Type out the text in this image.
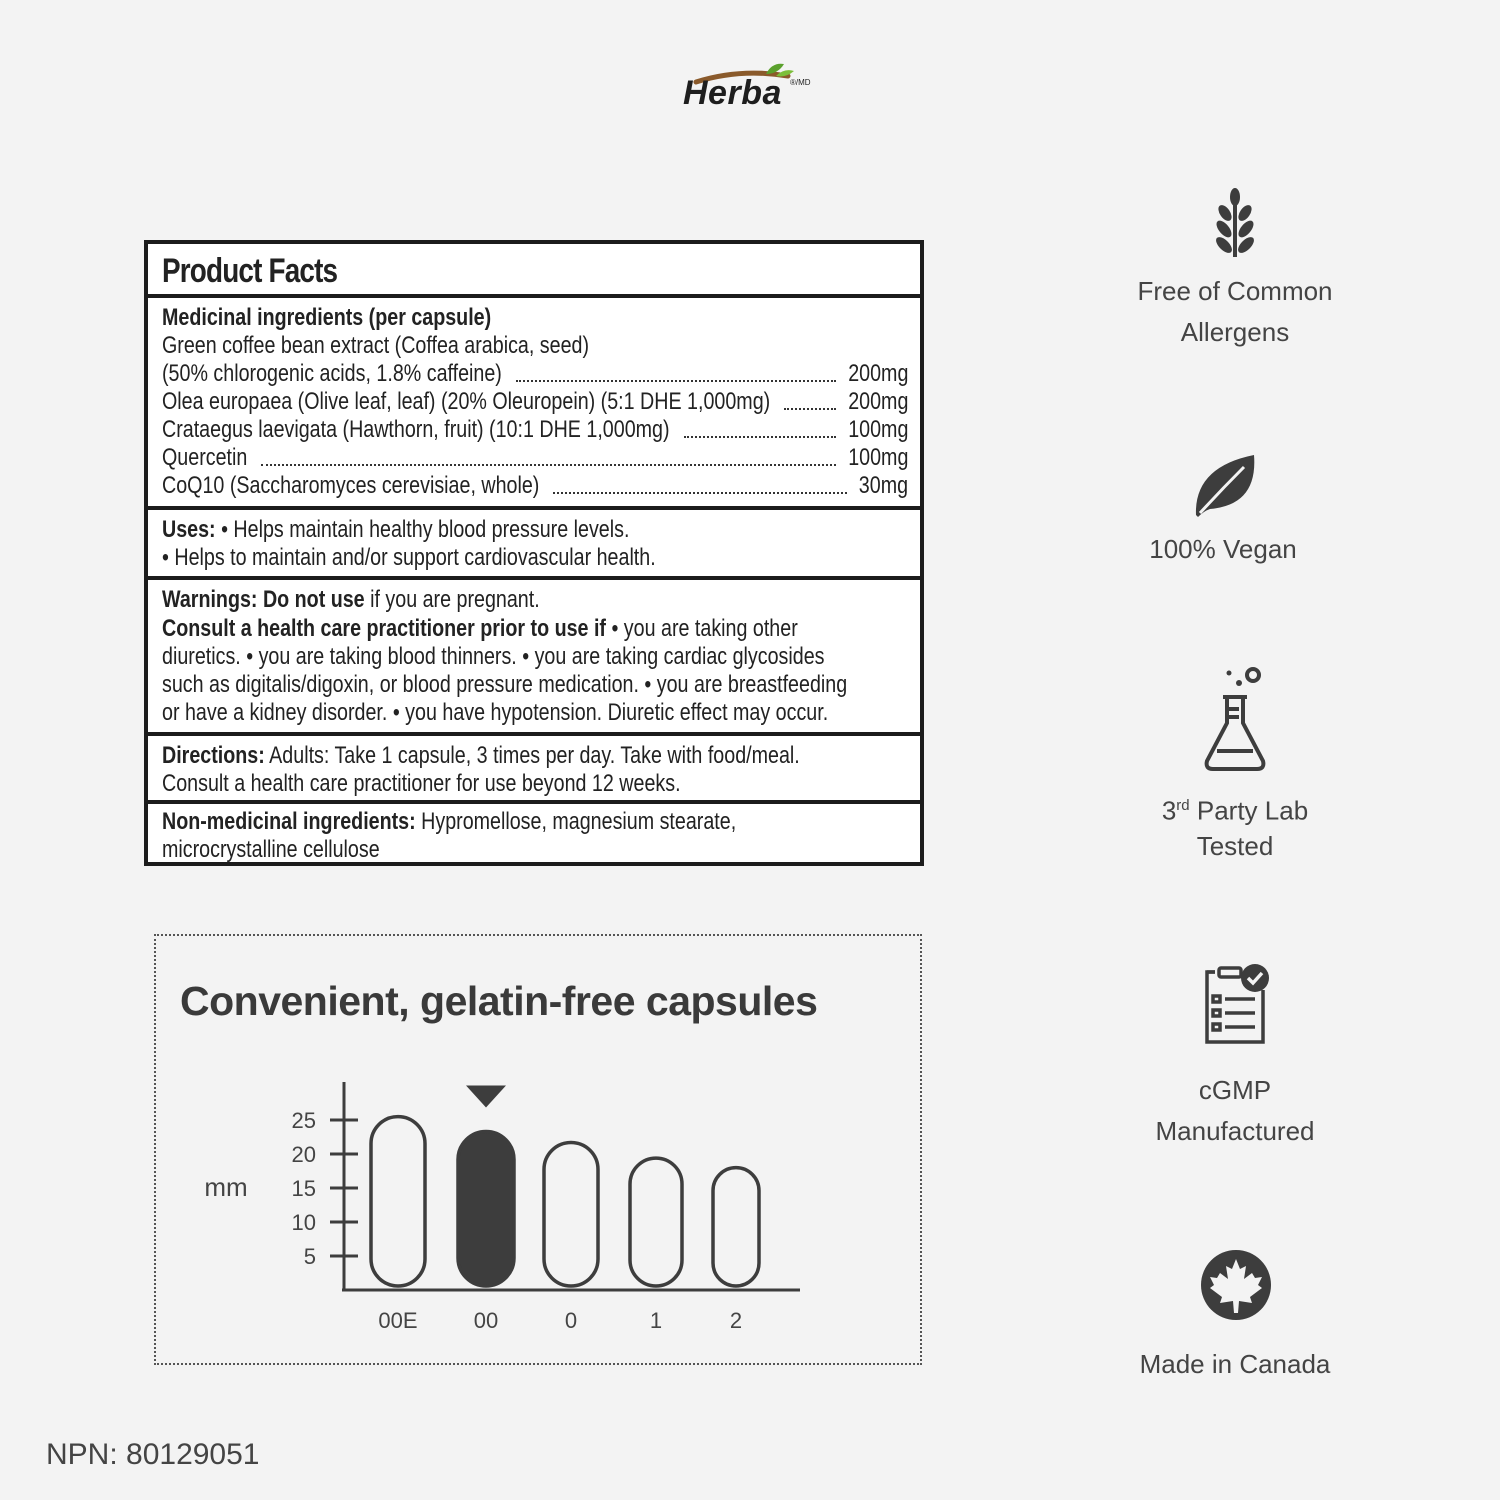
Herba ®/MD
Product Facts
Medicinal ingredients (per capsule)
Green coffee bean extract (Coffea arabica, seed)
(50% chlorogenic acids, 1.8% caffeine)	200mg
Olea europaea (Olive leaf, leaf) (20% Oleuropein) (5:1 DHE 1,000mg)	200mg
Crataegus laevigata (Hawthorn, fruit) (10:1 DHE 1,000mg)	100mg
Quercetin	100mg
CoQ10 (Saccharomyces cerevisiae, whole)	30mg
Uses: • Helps maintain healthy blood pressure levels.
• Helps to maintain and/or support cardiovascular health.
Warnings: Do not use if you are pregnant.
Consult a health care practitioner prior to use if • you are taking other
diuretics. • you are taking blood thinners. • you are taking cardiac glycosides
such as digitalis/digoxin, or blood pressure medication. • you are breastfeeding
or have a kidney disorder. • you have hypotension. Diuretic effect may occur.
Directions: Adults: Take 1 capsule, 3 times per day. Take with food/meal.
Consult a health care practitioner for use beyond 12 weeks.
Non-medicinal ingredients: Hypromellose, magnesium stearate,
microcrystalline cellulose
Convenient, gelatin-free capsules
mm
5
10
15
20
25
00E	00	0	1	2
Free of Common
Allergens
100% Vegan
3rd Party Lab
Tested
cGMP
Manufactured
Made in Canada
NPN: 80129051
